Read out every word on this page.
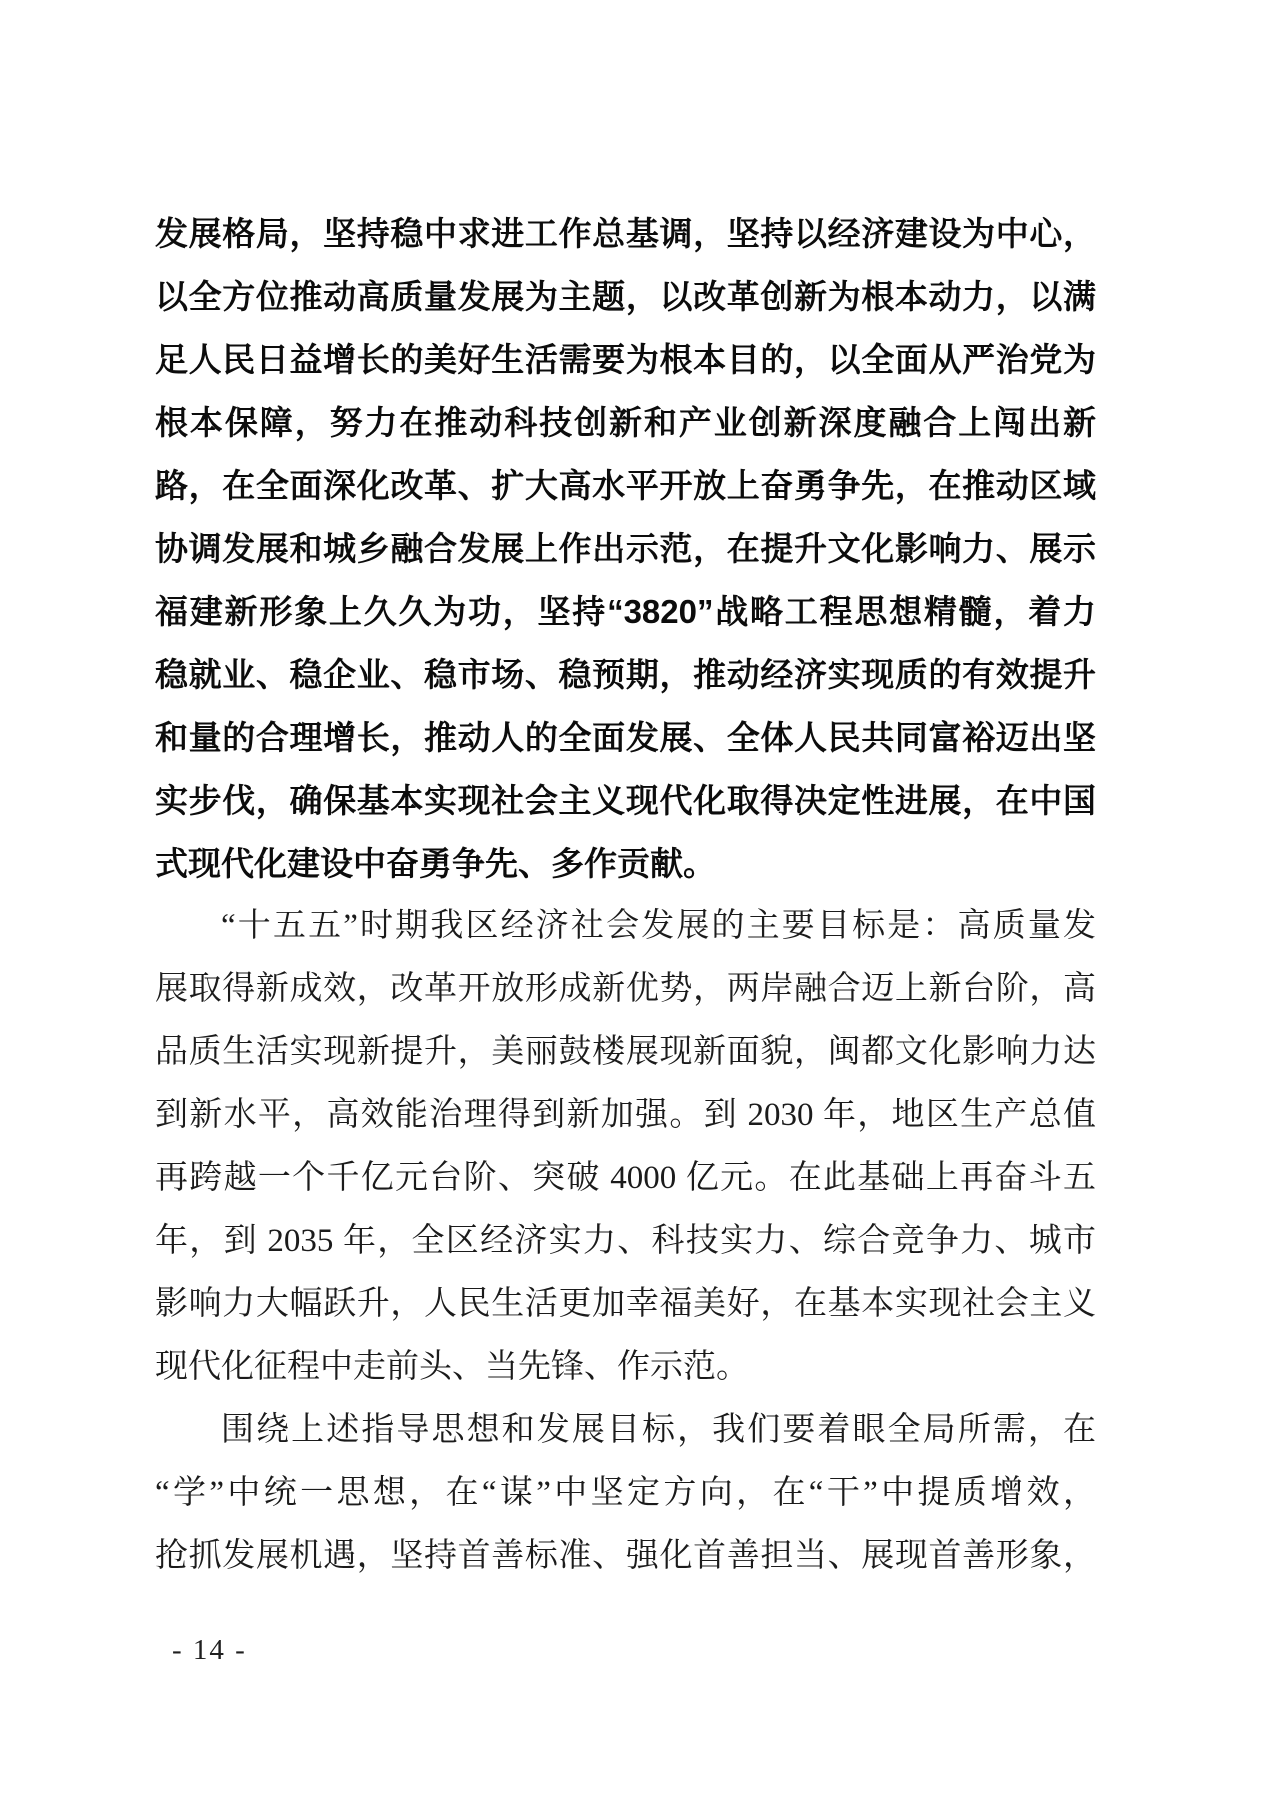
发展格局，坚持稳中求进工作总基调，坚持以经济建设为中心，
以全方位推动高质量发展为主题，以改革创新为根本动力，以满
足人民日益增长的美好生活需要为根本目的，以全面从严治党为
根本保障，努力在推动科技创新和产业创新深度融合上闯出新
路，在全面深化改革、扩大高水平开放上奋勇争先，在推动区域
协调发展和城乡融合发展上作出示范，在提升文化影响力、展示
福建新形象上久久为功，坚持“3820”战略工程思想精髓，着力
稳就业、稳企业、稳市场、稳预期，推动经济实现质的有效提升
和量的合理增长，推动人的全面发展、全体人民共同富裕迈出坚
实步伐，确保基本实现社会主义现代化取得决定性进展，在中国
式现代化建设中奋勇争先、多作贡献。
“十五五”时期我区经济社会发展的主要目标是：高质量发
展取得新成效，改革开放形成新优势，两岸融合迈上新台阶，高
品质生活实现新提升，美丽鼓楼展现新面貌，闽都文化影响力达
到新水平，高效能治理得到新加强。到 2030 年，地区生产总值
再跨越一个千亿元台阶、突破 4000 亿元。在此基础上再奋斗五
年，到 2035 年，全区经济实力、科技实力、综合竞争力、城市
影响力大幅跃升，人民生活更加幸福美好，在基本实现社会主义
现代化征程中走前头、当先锋、作示范。
围绕上述指导思想和发展目标，我们要着眼全局所需，在
“学”中统一思想，在“谋”中坚定方向，在“干”中提质增效，
抢抓发展机遇，坚持首善标准、强化首善担当、展现首善形象，
- 14 -
